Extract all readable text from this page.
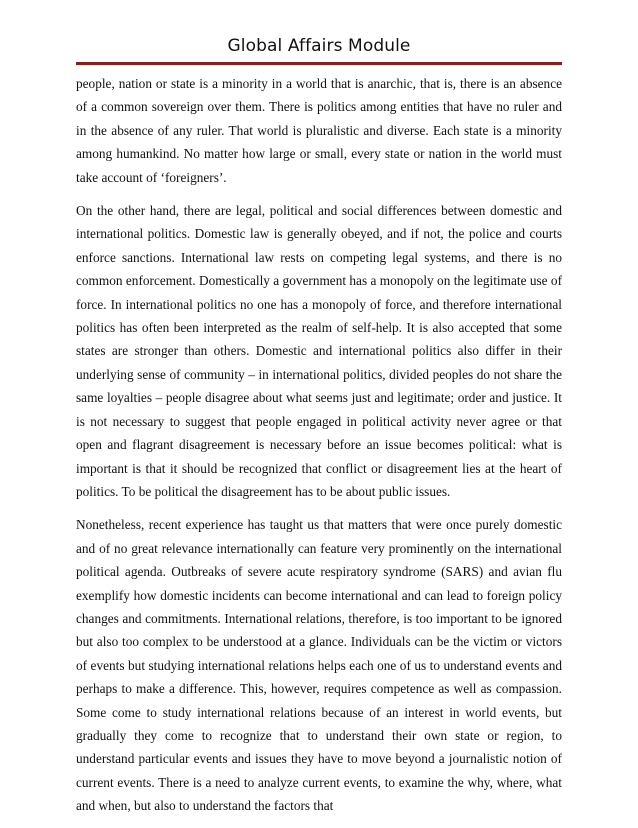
Global Affairs Module

people, nation or state is a minority in a world that is anarchic, that is, there is an absence of a common sovereign over them. There is politics among entities that have no ruler and in the absence of any ruler. That world is pluralistic and diverse. Each state is a minority among humankind. No matter how large or small, every state or nation in the world must take account of ‘foreigners’.

On the other hand, there are legal, political and social differences between domestic and international politics. Domestic law is generally obeyed, and if not, the police and courts enforce sanctions. International law rests on competing legal systems, and there is no common enforcement. Domestically a government has a monopoly on the legitimate use of force. In international politics no one has a monopoly of force, and therefore international politics has often been interpreted as the realm of self-help. It is also accepted that some states are stronger than others. Domestic and international politics also differ in their underlying sense of community – in international politics, divided peoples do not share the same loyalties – people disagree about what seems just and legitimate; order and justice. It is not necessary to suggest that people engaged in political activity never agree or that open and flagrant disagreement is necessary before an issue becomes political: what is important is that it should be recognized that conflict or disagreement lies at the heart of politics. To be political the disagreement has to be about public issues.

Nonetheless, recent experience has taught us that matters that were once purely domestic and of no great relevance internationally can feature very prominently on the international political agenda. Outbreaks of severe acute respiratory syndrome (SARS) and avian flu exemplify how domestic incidents can become international and can lead to foreign policy changes and commitments. International relations, therefore, is too important to be ignored but also too complex to be understood at a glance. Individuals can be the victim or victors of events but studying international relations helps each one of us to understand events and perhaps to make a difference. This, however, requires competence as well as compassion. Some come to study international relations because of an interest in world events, but gradually they come to recognize that to understand their own state or region, to understand particular events and issues they have to move beyond a journalistic notion of current events. There is a need to analyze current events, to examine the why, where, what and when, but also to understand the factors that
